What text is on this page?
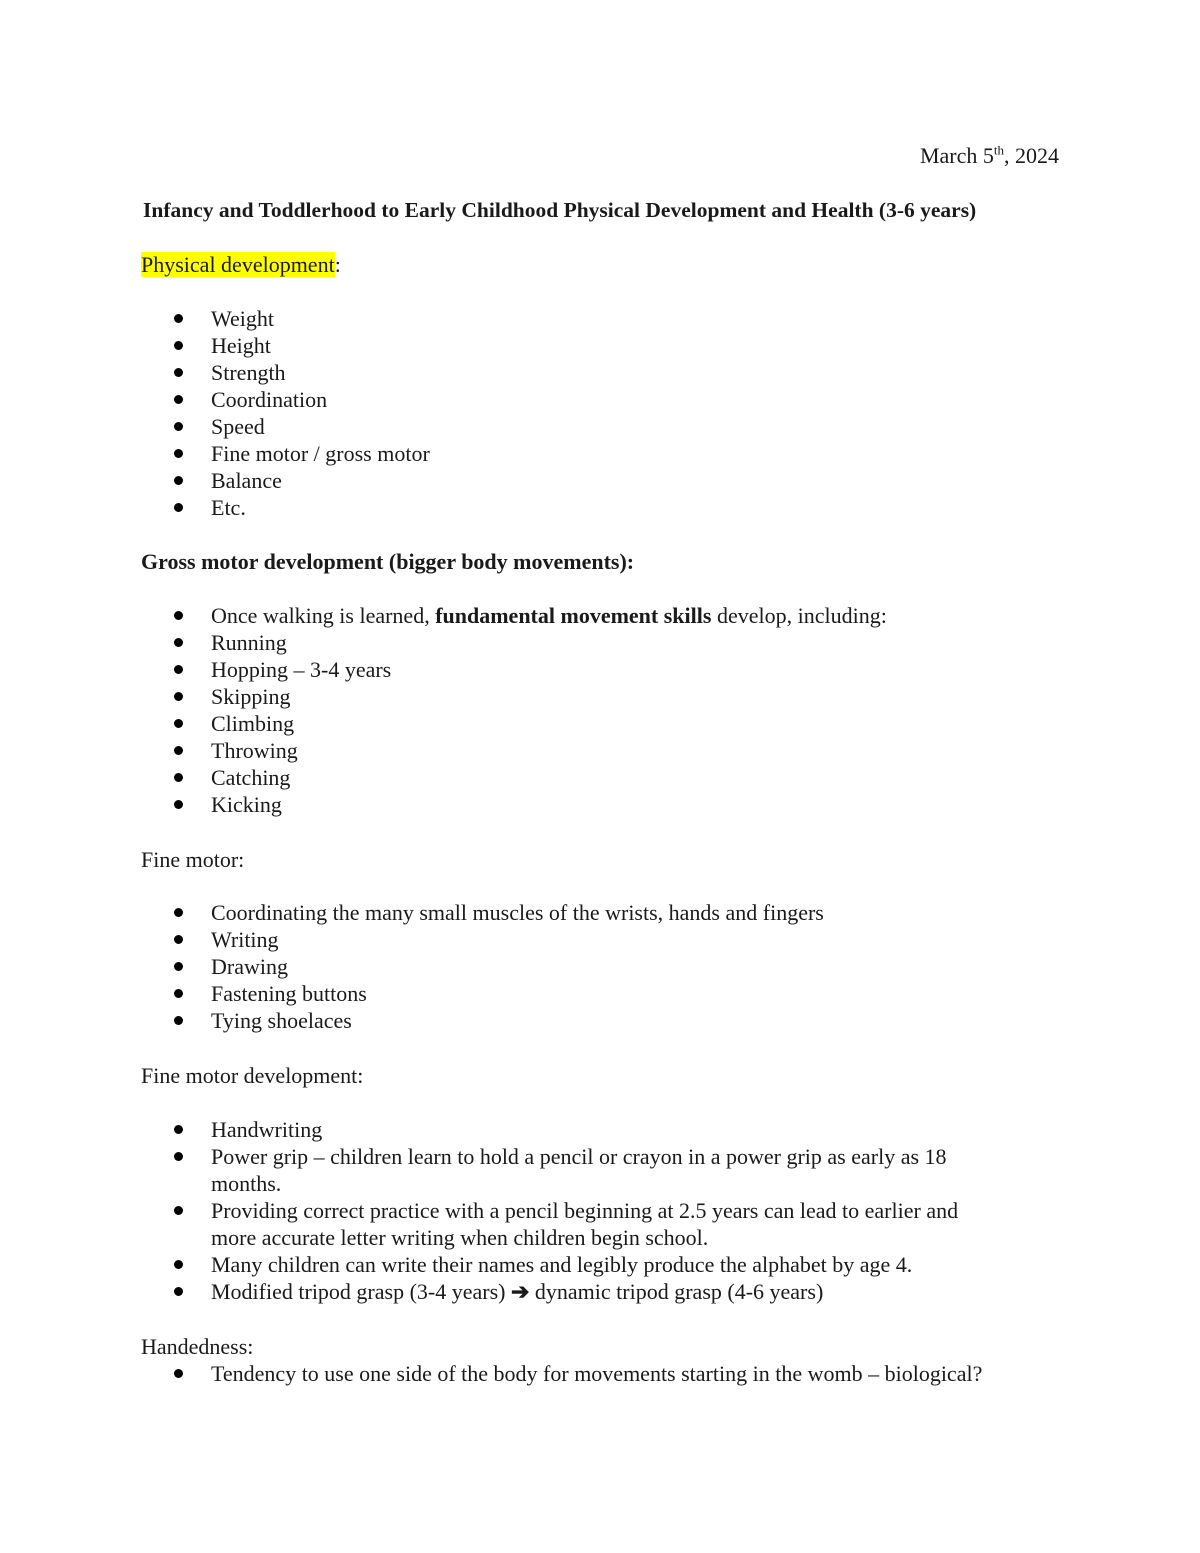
March 5th, 2024
Infancy and Toddlerhood to Early Childhood Physical Development and Health (3-6 years)
Physical development:
Weight
Height
Strength
Coordination
Speed
Fine motor / gross motor
Balance
Etc.
Gross motor development (bigger body movements):
Once walking is learned, fundamental movement skills develop, including:
Running
Hopping – 3-4 years
Skipping
Climbing
Throwing
Catching
Kicking
Fine motor:
Coordinating the many small muscles of the wrists, hands and fingers
Writing
Drawing
Fastening buttons
Tying shoelaces
Fine motor development:
Handwriting
Power grip – children learn to hold a pencil or crayon in a power grip as early as 18 months.
Providing correct practice with a pencil beginning at 2.5 years can lead to earlier and more accurate letter writing when children begin school.
Many children can write their names and legibly produce the alphabet by age 4.
Modified tripod grasp (3-4 years) ➔ dynamic tripod grasp (4-6 years)
Handedness:
Tendency to use one side of the body for movements starting in the womb – biological?
